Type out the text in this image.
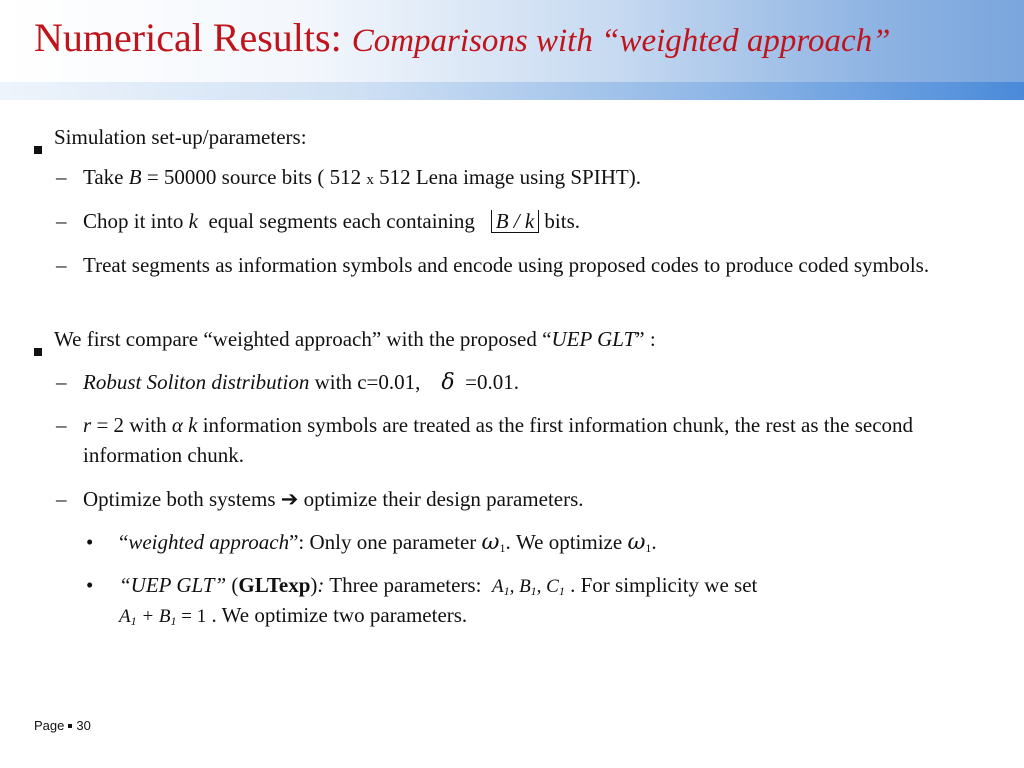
Numerical Results: Comparisons with “weighted approach”
Simulation set-up/parameters:
– Take B = 50000 source bits ( 512 x 512 Lena image using SPIHT).
– Chop it into k equal segments each containing B / k bits.
– Treat segments as information symbols and encode using proposed codes to produce coded symbols.
We first compare “weighted approach” with the proposed “UEP GLT” :
– Robust Soliton distribution with c=0.01, δ =0.01.
– r = 2 with α k information symbols are treated as the first information chunk, the rest as the second information chunk.
– Optimize both systems ➔ optimize their design parameters.
• “weighted approach”: Only one parameter ω1. We optimize ω1.
• “UEP GLT” (GLTexp): Three parameters: A1, B1, C1 . For simplicity we set
A1 + B1 = 1 . We optimize two parameters.
Page 30
